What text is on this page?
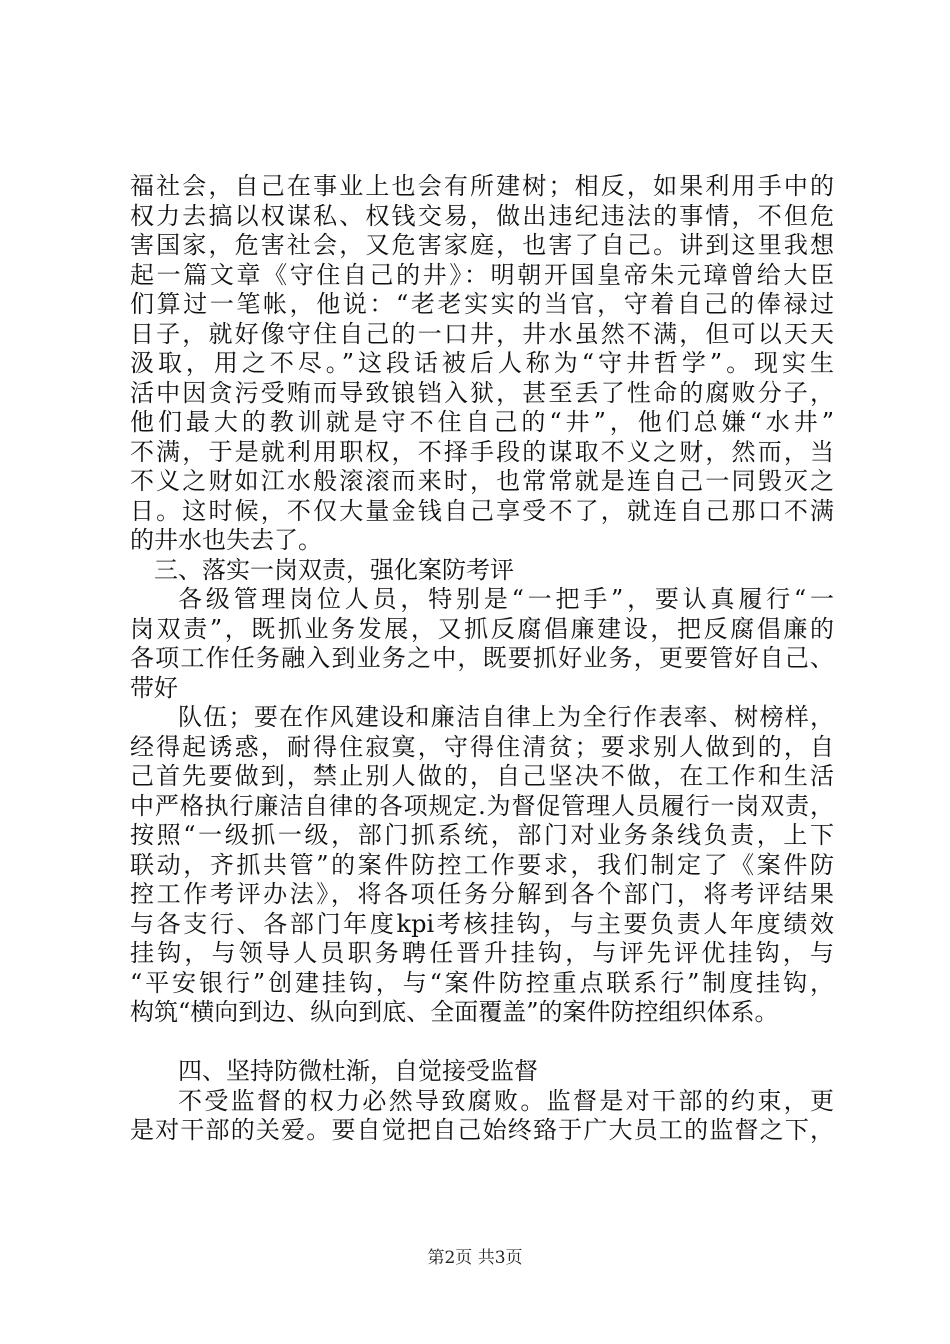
福社会，自己在事业上也会有所建树；相反，如果利用手中的
权力去搞以权谋私、权钱交易，做出违纪违法的事情，不但危
害国家，危害社会，又危害家庭，也害了自己。讲到这里我想
起一篇文章《守住自己的井》：明朝开国皇帝朱元璋曾给大臣
们算过一笔帐，他说：“老老实实的当官，守着自己的俸禄过
日子，就好像守住自己的一口井，井水虽然不满，但可以天天
汲取，用之不尽。”这段话被后人称为“守井哲学”。现实生
活中因贪污受贿而导致锒铛入狱，甚至丢了性命的腐败分子，
他们最大的教训就是守不住自己的“井”，他们总嫌“水井”
不满，于是就利用职权，不择手段的谋取不义之财，然而，当
不义之财如江水般滚滚而来时，也常常就是连自己一同毁灭之
日。这时候，不仅大量金钱自己享受不了，就连自己那口不满
的井水也失去了。
三、落实一岗双责，强化案防考评
各级管理岗位人员，特别是“一把手”，要认真履行“一
岗双责”，既抓业务发展，又抓反腐倡廉建设，把反腐倡廉的
各项工作任务融入到业务之中，既要抓好业务，更要管好自己、
带好
队伍；要在作风建设和廉洁自律上为全行作表率、树榜样，
经得起诱惑，耐得住寂寞，守得住清贫；要求别人做到的，自
己首先要做到，禁止别人做的，自己坚决不做，在工作和生活
中严格执行廉洁自律的各项规定.为督促管理人员履行一岗双责，
按照“一级抓一级，部门抓系统，部门对业务条线负责，上下
联动，齐抓共管”的案件防控工作要求，我们制定了《案件防
控工作考评办法》，将各项任务分解到各个部门，将考评结果
与各支行、各部门年度kpi考核挂钩，与主要负责人年度绩效
挂钩，与领导人员职务聘任晋升挂钩，与评先评优挂钩，与
“平安银行”创建挂钩，与“案件防控重点联系行”制度挂钩，
构筑“横向到边、纵向到底、全面覆盖”的案件防控组织体系。
四、坚持防微杜渐，自觉接受监督
不受监督的权力必然导致腐败。监督是对干部的约束，更
是对干部的关爱。要自觉把自己始终臵于广大员工的监督之下，
第2页 共3页
